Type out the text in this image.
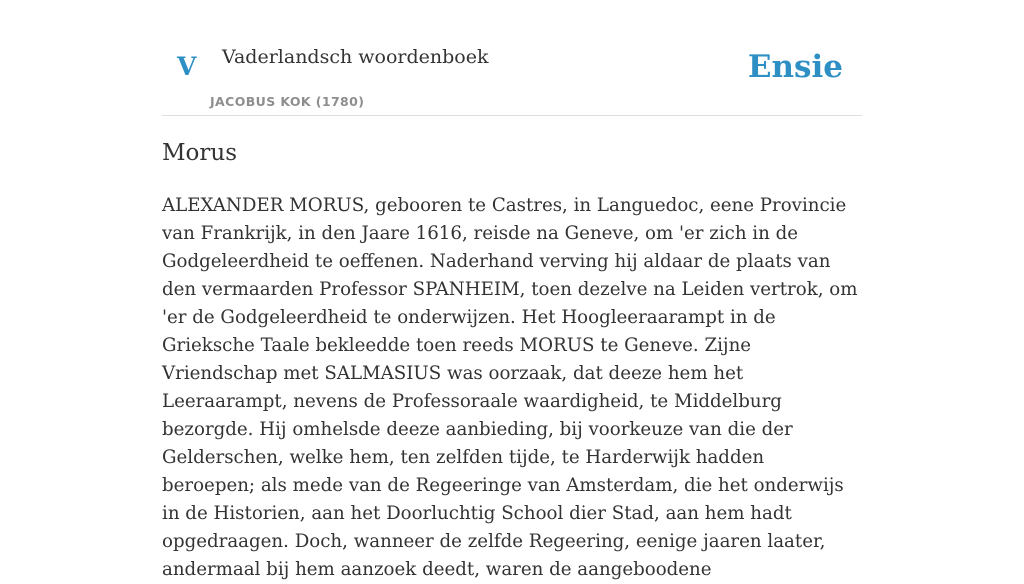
V Vaderlandsch woordenboek
JACOBUS KOK (1780)
Ensie
Morus

ALEXANDER MORUS, gebooren te Castres, in Languedoc, eene Provincie van Frankrijk, in den Jaare 1616, reisde na Geneve, om 'er zich in de Godgeleerdheid te oeffenen. Naderhand verving hij aldaar de plaats van den vermaarden Professor SPANHEIM, toen dezelve na Leiden vertrok, om 'er de Godgeleerdheid te onderwijzen. Het Hoogleeraarampt in de Grieksche Taale bekleedde toen reeds MORUS te Geneve. Zijne Vriendschap met SALMASIUS was oorzaak, dat deeze hem het Leeraarampt, nevens de Professoraale waardigheid, te Middelburg bezorgde. Hij omhelsde deeze aanbieding, bij voorkeuze van die der Gelderschen, welke hem, ten zelfden tijde, te Harderwijk hadden beroepen; als mede van de Regeeringe van Amsterdam, die het onderwijs in de Historien, aan het Doorluchtig School dier Stad, aan hem hadt opgedraagen. Doch, wanneer de zelfde Regeering, eenige jaaren laater, andermaal bij hem aanzoek deedt, waren de aangeboodene
